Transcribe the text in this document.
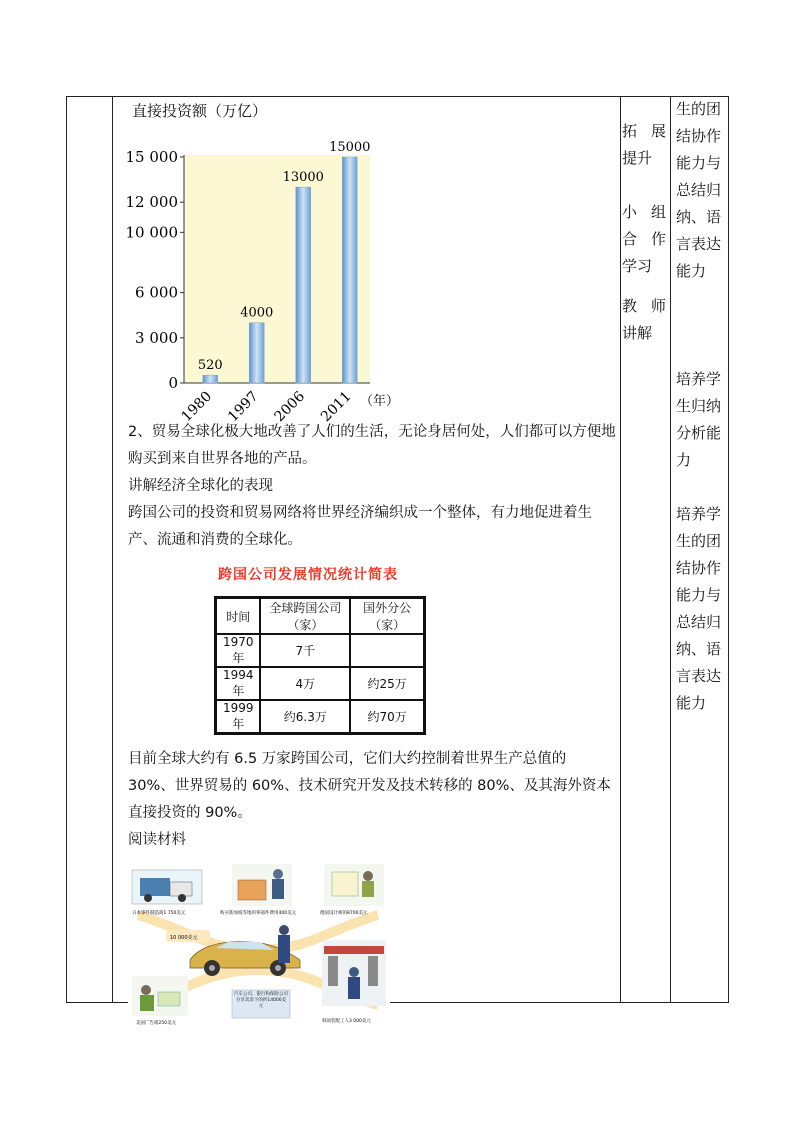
直接投资额（万亿）
0
3 000
6 000
10 000
12 000
15 000
520
1980
4000
1997
13000
2006
15000
2011 （年）

2、贸易全球化极大地改善了人们的生活，无论身居何处，人们都可以方便地购买到来自世界各地的产品。

讲解经济全球化的表现

跨国公司的投资和贸易网络将世界经济编织成一个整体，有力地促进着生产、流通和消费的全球化。

跨国公司发展情况统计简表
时间	全球跨国公司（家）	国外分公（家）
1970年	7千	
1994年	4万	约25万
1999年	约6.3万	约70万

目前全球大约有 6.5 万家跨国公司，它们大约控制着世界生产总值的 30%、世界贸易的 60%、技术研究开发及技术转移的 80%、及其海外资本直接投资的 90%。

阅读材料

日本零件制造商1 750美元	购买新加坡等地的零部件费用400美元	德国设计师的8700美元
10 000美元
美国广告商250美元
汽车公司、银行和保险公司分享其余下的约14000美元
韩国装配工人3 000美元

拓展

提升

小组

合作

学习

教师

讲解

生的团

结协作

能力与

总结归

纳、语

言表达

能力

培养学

生归纳

分析能

力

培养学

生的团

结协作

能力与

总结归

纳、语

言表达

能力
